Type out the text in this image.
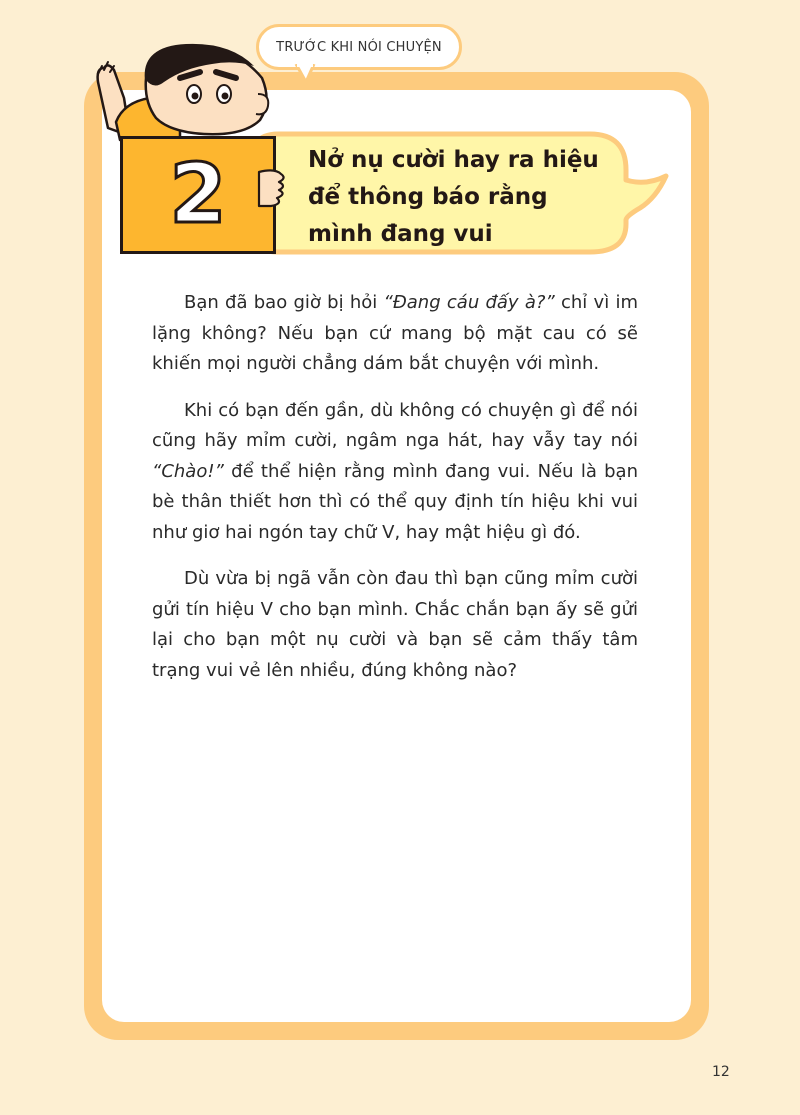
TRƯỚC KHI NÓI CHUYỆN
2	Nở nụ cười hay ra hiệu
để thông báo rằng
mình đang vui

Bạn đã bao giờ bị hỏi “Đang cáu đấy à?” chỉ vì im lặng không? Nếu bạn cứ mang bộ mặt cau có sẽ khiến mọi người chẳng dám bắt chuyện với mình.

Khi có bạn đến gần, dù không có chuyện gì để nói cũng hãy mỉm cười, ngâm nga hát, hay vẫy tay nói “Chào!” để thể hiện rằng mình đang vui. Nếu là bạn bè thân thiết hơn thì có thể quy định tín hiệu khi vui như giơ hai ngón tay chữ V, hay mật hiệu gì đó.

Dù vừa bị ngã vẫn còn đau thì bạn cũng mỉm cười gửi tín hiệu V cho bạn mình. Chắc chắn bạn ấy sẽ gửi lại cho bạn một nụ cười và bạn sẽ cảm thấy tâm trạng vui vẻ lên nhiều, đúng không nào?

12
